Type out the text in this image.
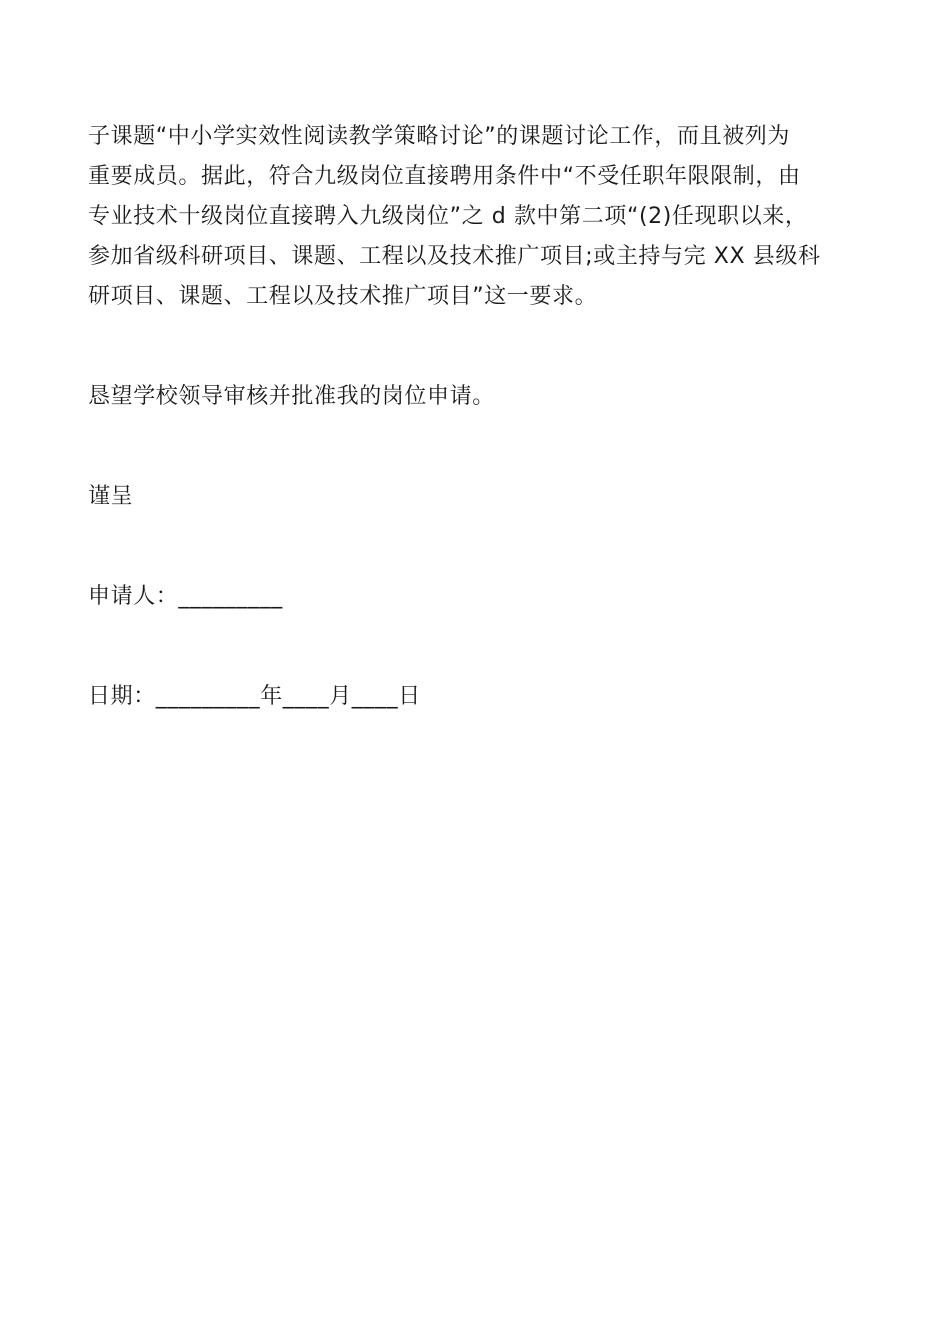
子课题“中小学实效性阅读教学策略讨论”的课题讨论工作，而且被列为
重要成员。据此，符合九级岗位直接聘用条件中“不受任职年限限制，由
专业技术十级岗位直接聘入九级岗位”之 d 款中第二项“(2)任现职以来，
参加省级科研项目、课题、工程以及技术推广项目;或主持与完 XX 县级科
研项目、课题、工程以及技术推广项目”这一要求。

恳望学校领导审核并批准我的岗位申请。

谨呈

申请人：_________

日期：_________年____月____日
